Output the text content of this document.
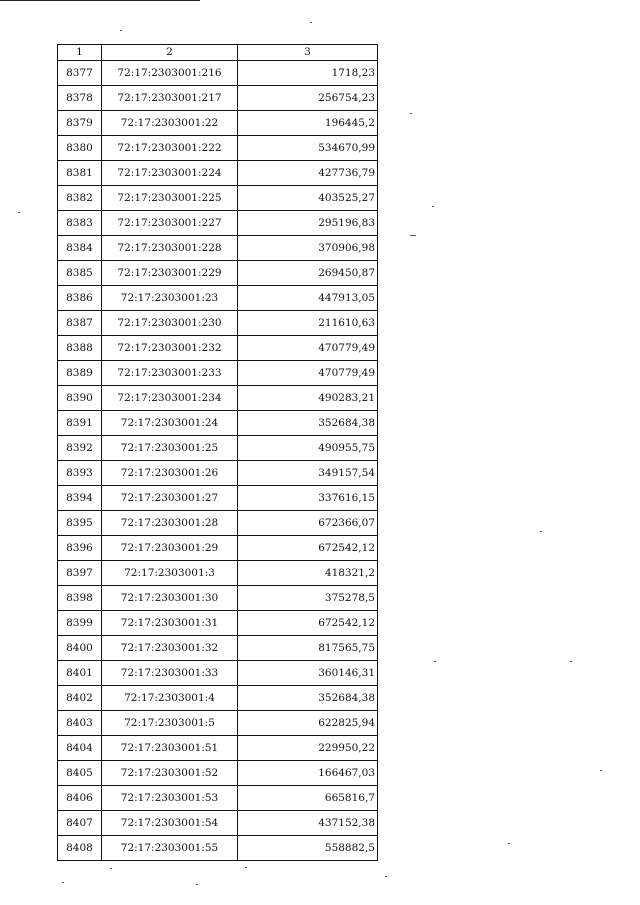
1	2	3
8377	72:17:2303001:216	1718,23
8378	72:17:2303001:217	256754,23
8379	72:17:2303001:22	196445,2
8380	72:17:2303001:222	534670,99
8381	72:17:2303001:224	427736,79
8382	72:17:2303001:225	403525,27
8383	72:17:2303001:227	295196,83
8384	72:17:2303001:228	370906,98
8385	72:17:2303001:229	269450,87
8386	72:17:2303001:23	447913,05
8387	72:17:2303001:230	211610,63
8388	72:17:2303001:232	470779,49
8389	72:17:2303001:233	470779,49
8390	72:17:2303001:234	490283,21
8391	72:17:2303001:24	352684,38
8392	72:17:2303001:25	490955,75
8393	72:17:2303001:26	349157,54
8394	72:17:2303001:27	337616,15
8395	72:17:2303001:28	672366,07
8396	72:17:2303001:29	672542,12
8397	72:17:2303001:3	418321,2
8398	72:17:2303001:30	375278,5
8399	72:17:2303001:31	672542,12
8400	72:17:2303001:32	817565,75
8401	72:17:2303001:33	360146,31
8402	72:17:2303001:4	352684,38
8403	72:17:2303001:5	622825,94
8404	72:17:2303001:51	229950,22
8405	72:17:2303001:52	166467,03
8406	72:17:2303001:53	665816,7
8407	72:17:2303001:54	437152,38
8408	72:17:2303001:55	558882,5
